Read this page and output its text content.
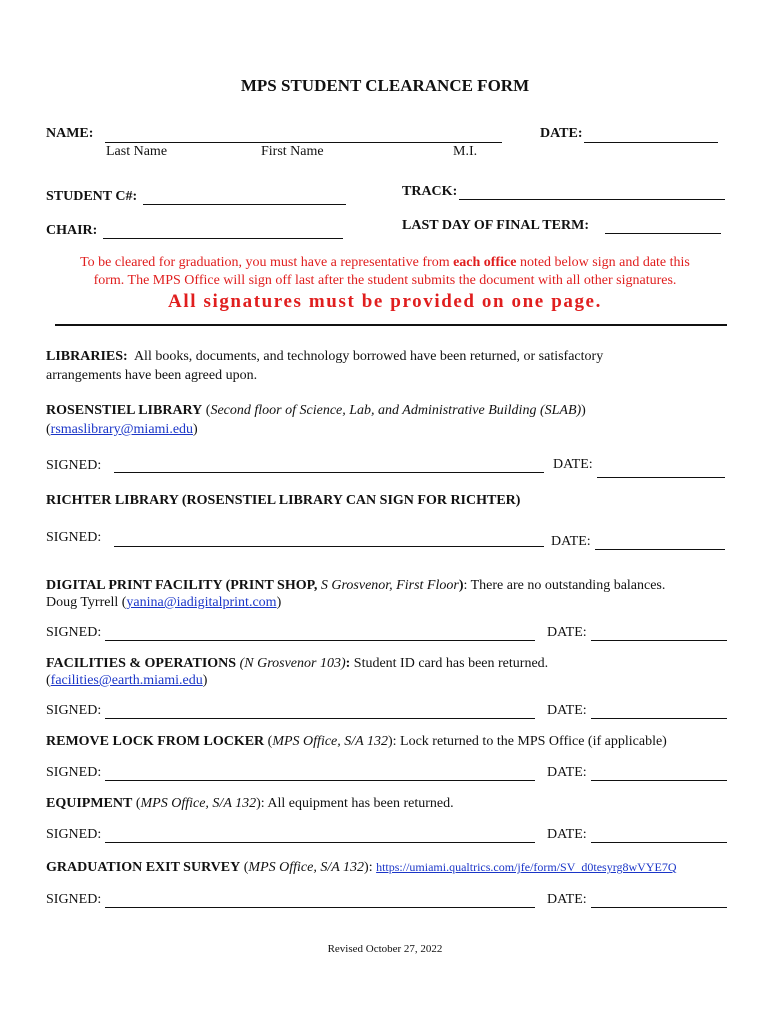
MPS STUDENT CLEARANCE FORM
NAME:	DATE:
Last Name	First Name	M.I.
STUDENT C#:	TRACK:
CHAIR:	LAST DAY OF FINAL TERM:
To be cleared for graduation, you must have a representative from each office noted below sign and date this
form. The MPS Office will sign off last after the student submits the document with all other signatures.
All signatures must be provided on one page.
LIBRARIES: All books, documents, and technology borrowed have been returned, or satisfactory
arrangements have been agreed upon.
ROSENSTIEL LIBRARY (Second floor of Science, Lab, and Administrative Building (SLAB))
(rsmaslibrary@miami.edu)
SIGNED:	DATE:
RICHTER LIBRARY (ROSENSTIEL LIBRARY CAN SIGN FOR RICHTER)
SIGNED:	DATE:
DIGITAL PRINT FACILITY (PRINT SHOP, S Grosvenor, First Floor): There are no outstanding balances.
Doug Tyrrell (yanina@iadigitalprint.com)
SIGNED:	DATE:
FACILITIES & OPERATIONS (N Grosvenor 103): Student ID card has been returned.
(facilities@earth.miami.edu)
SIGNED:	DATE:
REMOVE LOCK FROM LOCKER (MPS Office, S/A 132): Lock returned to the MPS Office (if applicable)
SIGNED:	DATE:
EQUIPMENT (MPS Office, S/A 132): All equipment has been returned.
SIGNED:	DATE:
GRADUATION EXIT SURVEY (MPS Office, S/A 132): https://umiami.qualtrics.com/jfe/form/SV_d0tesyrg8wVYE7Q
SIGNED:	DATE:
Revised October 27, 2022
